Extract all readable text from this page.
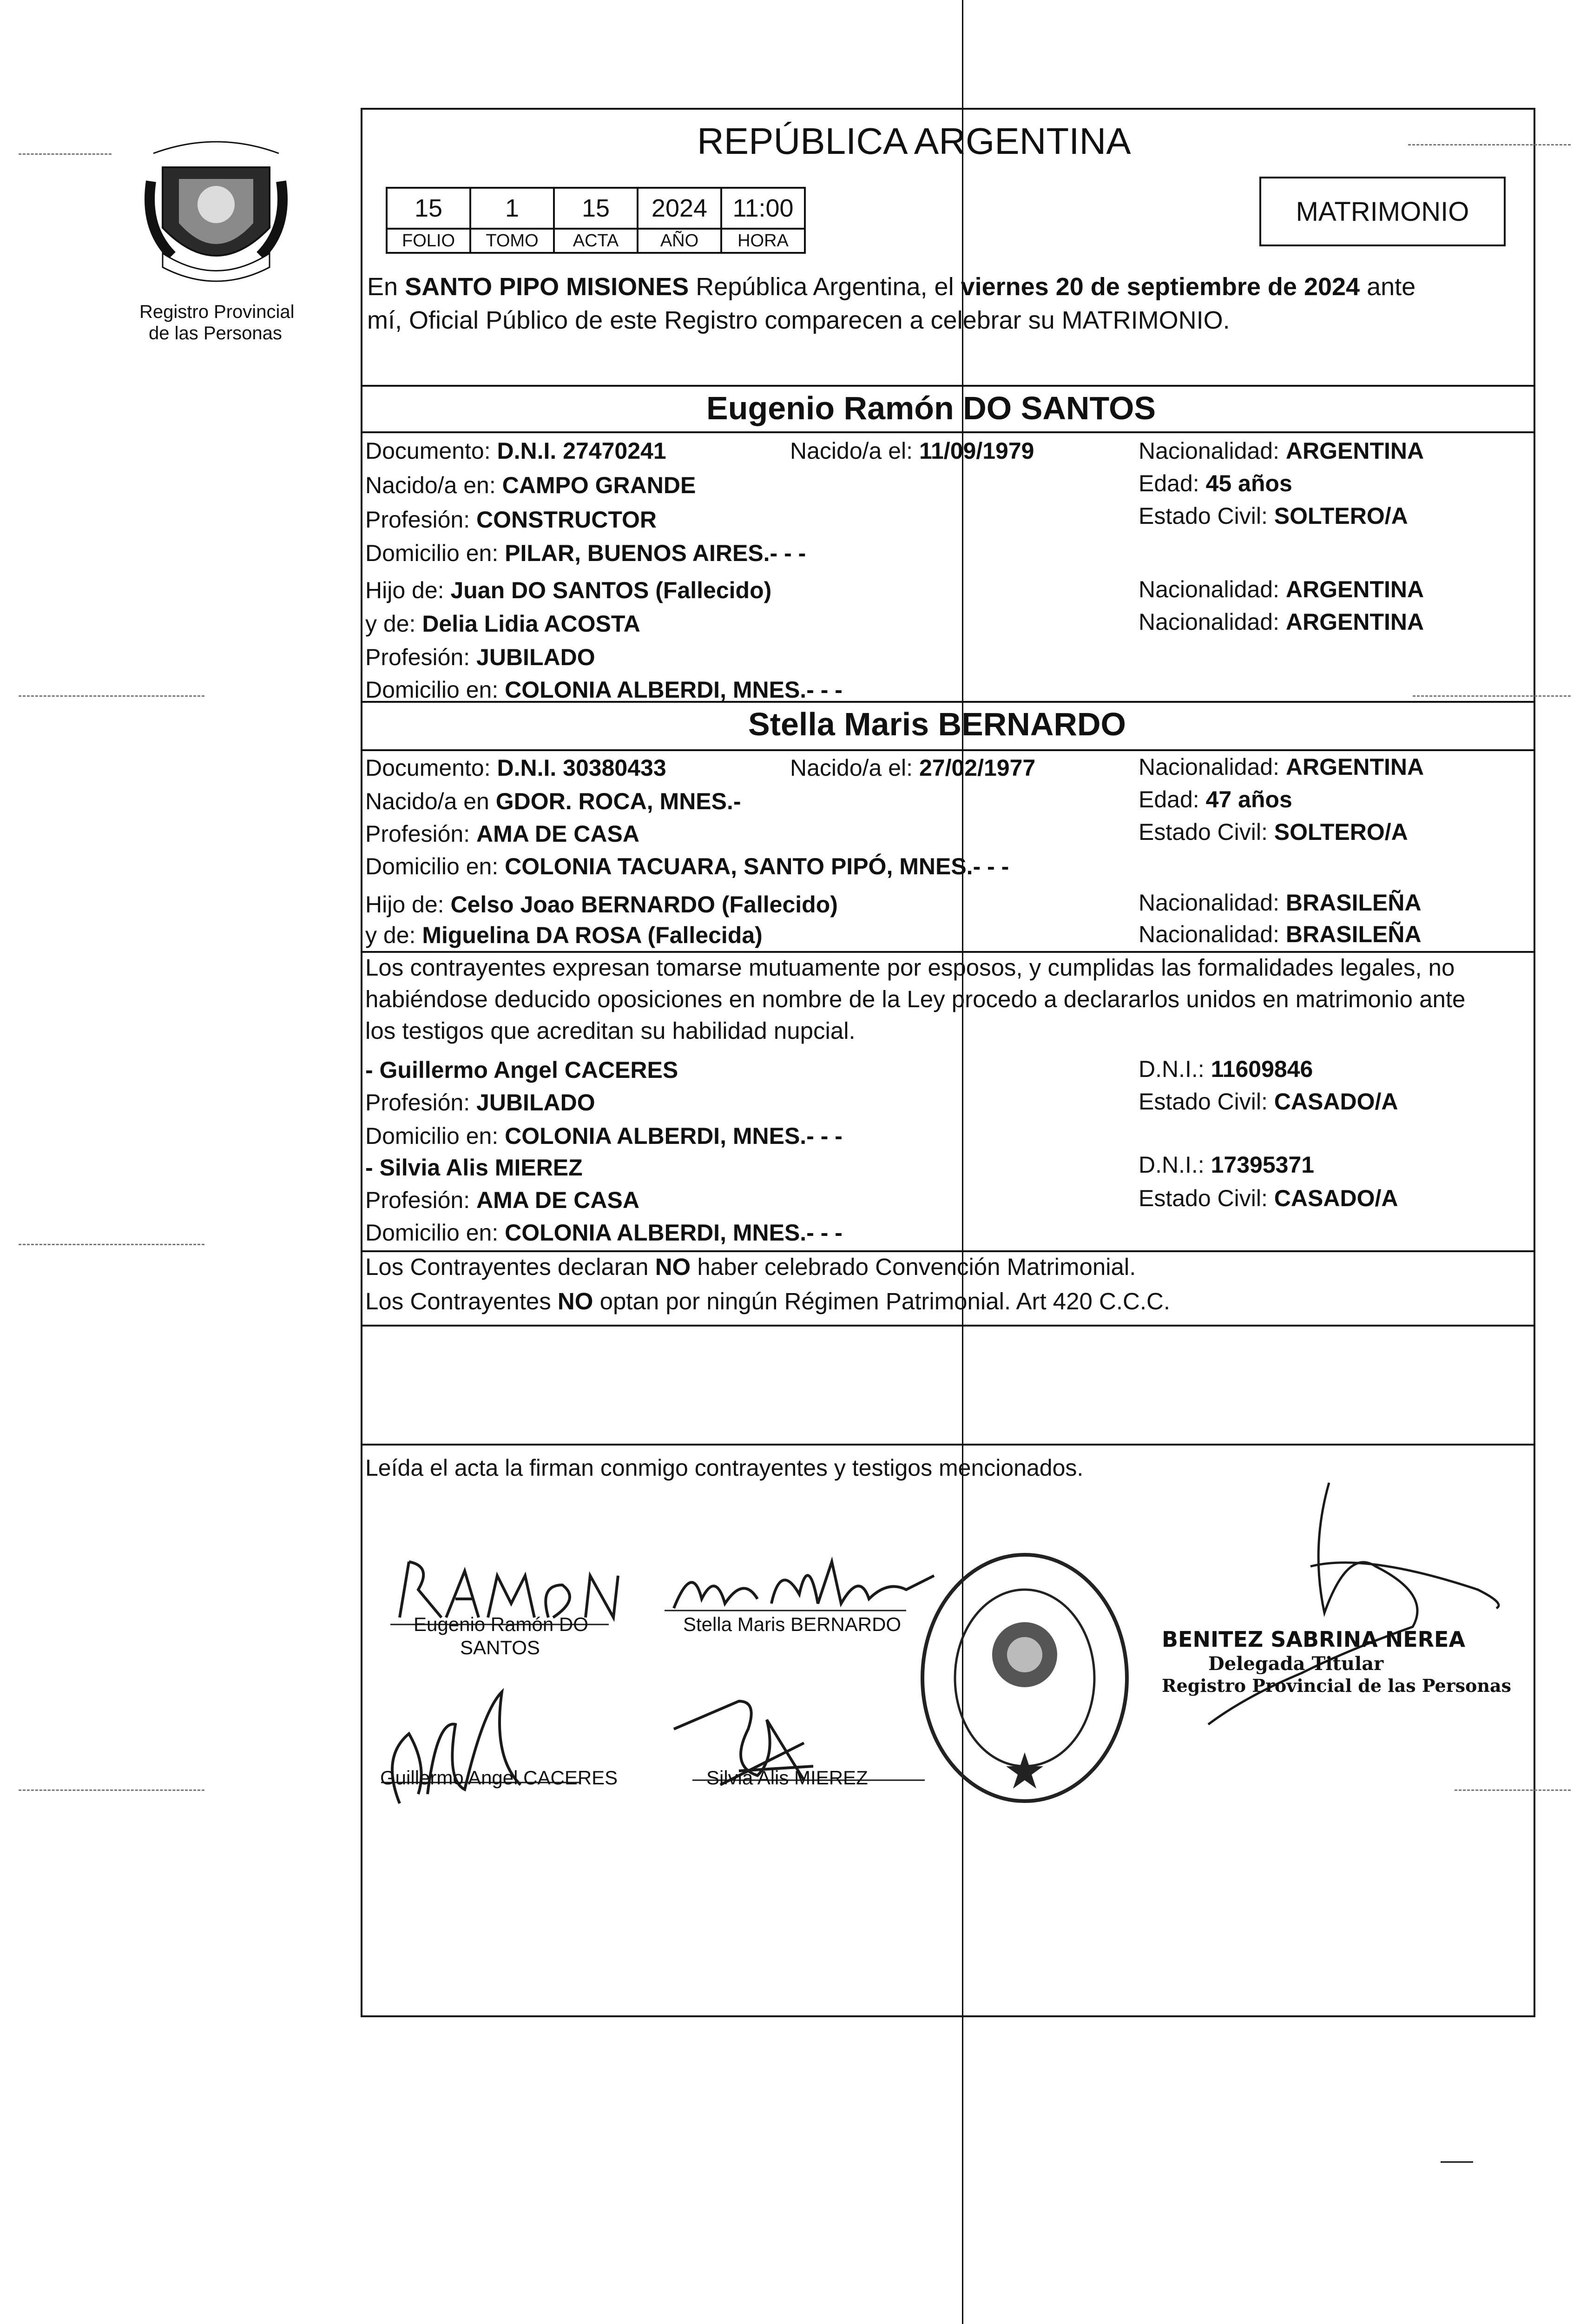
Registro Provincial
de las Personas
REPÚBLICA ARGENTINA
15	1	15	2024	11:00
FOLIO	TOMO	ACTA	AÑO	HORA
MATRIMONIO
En SANTO PIPO MISIONES República Argentina, el viernes 20 de septiembre de 2024 ante
mí, Oficial Público de este Registro comparecen a celebrar su MATRIMONIO.
Eugenio Ramón DO SANTOS
Documento: D.N.I. 27470241	Nacido/a el: 11/09/1979	Nacionalidad: ARGENTINA
Nacido/a en: CAMPO GRANDE	Edad: 45 años
Profesión: CONSTRUCTOR	Estado Civil: SOLTERO/A
Domicilio en: PILAR, BUENOS AIRES.- - -
Hijo de: Juan DO SANTOS (Fallecido)	Nacionalidad: ARGENTINA
y de: Delia Lidia ACOSTA	Nacionalidad: ARGENTINA
Profesión: JUBILADO
Domicilio en: COLONIA ALBERDI, MNES.- - -
Stella Maris BERNARDO
Documento: D.N.I. 30380433	Nacido/a el: 27/02/1977	Nacionalidad: ARGENTINA
Nacido/a en GDOR. ROCA, MNES.-	Edad: 47 años
Profesión: AMA DE CASA	Estado Civil: SOLTERO/A
Domicilio en: COLONIA TACUARA, SANTO PIPÓ, MNES.- - -
Hijo de: Celso Joao BERNARDO (Fallecido)	Nacionalidad: BRASILEÑA
y de: Miguelina DA ROSA (Fallecida)	Nacionalidad: BRASILEÑA
Los contrayentes expresan tomarse mutuamente por esposos, y cumplidas las formalidades legales, no
habiéndose deducido oposiciones en nombre de la Ley procedo a declararlos unidos en matrimonio ante
los testigos que acreditan su habilidad nupcial.
- Guillermo Angel CACERES	D.N.I.: 11609846
Profesión: JUBILADO	Estado Civil: CASADO/A
Domicilio en: COLONIA ALBERDI, MNES.- - -
- Silvia Alis MIEREZ	D.N.I.: 17395371
Profesión: AMA DE CASA	Estado Civil: CASADO/A
Domicilio en: COLONIA ALBERDI, MNES.- - -
Los Contrayentes declaran NO haber celebrado Convención Matrimonial.
Los Contrayentes NO optan por ningún Régimen Patrimonial. Art 420 C.C.C.
Leída el acta la firman conmigo contrayentes y testigos mencionados.
Eugenio Ramón DO
SANTOS
Stella Maris BERNARDO
Guillermo Angel CACERES	Silvia Alis MIEREZ
BENITEZ SABRINA NEREA
Delegada Titular
Registro Provincial de las Personas
